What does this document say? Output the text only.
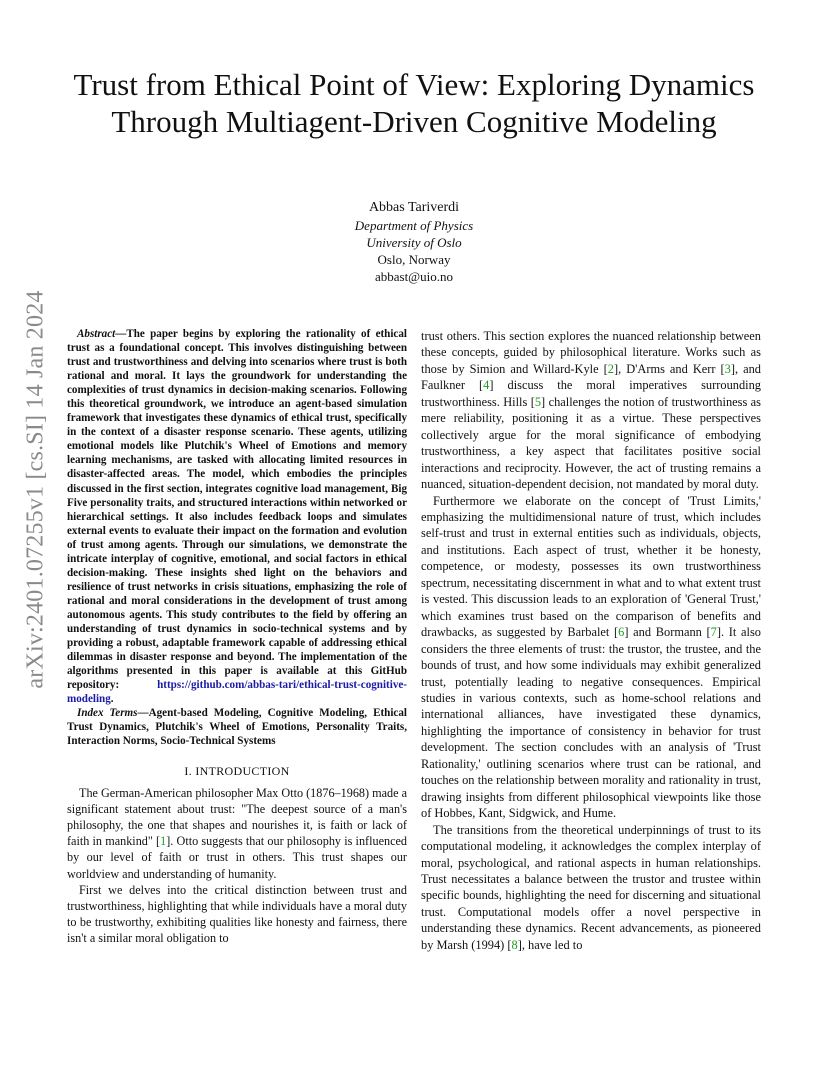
arXiv:2401.07255v1 [cs.SI] 14 Jan 2024
Trust from Ethical Point of View: Exploring Dynamics Through Multiagent-Driven Cognitive Modeling
Abbas Tariverdi
Department of Physics
University of Oslo
Oslo, Norway
abbast@uio.no

Abstract—The paper begins by exploring the rationality of ethical trust as a foundational concept. This involves distinguishing between trust and trustworthiness and delving into scenarios where trust is both rational and moral. It lays the groundwork for understanding the complexities of trust dynamics in decision-making scenarios. Following this theoretical groundwork, we introduce an agent-based simulation framework that investigates these dynamics of ethical trust, specifically in the context of a disaster response scenario. These agents, utilizing emotional models like Plutchik's Wheel of Emotions and memory learning mechanisms, are tasked with allocating limited resources in disaster-affected areas. The model, which embodies the principles discussed in the first section, integrates cognitive load management, Big Five personality traits, and structured interactions within networked or hierarchical settings. It also includes feedback loops and simulates external events to evaluate their impact on the formation and evolution of trust among agents. Through our simulations, we demonstrate the intricate interplay of cognitive, emotional, and social factors in ethical decision-making. These insights shed light on the behaviors and resilience of trust networks in crisis situations, emphasizing the role of rational and moral considerations in the development of trust among autonomous agents. This study contributes to the field by offering an understanding of trust dynamics in socio-technical systems and by providing a robust, adaptable framework capable of addressing ethical dilemmas in disaster response and beyond. The implementation of the algorithms presented in this paper is available at this GitHub repository: https://github.com/abbas-tari/ethical-trust-cognitive-modeling.

Index Terms—Agent-based Modeling, Cognitive Modeling, Ethical Trust Dynamics, Plutchik's Wheel of Emotions, Personality Traits, Interaction Norms, Socio-Technical Systems

I. INTRODUCTION

The German-American philosopher Max Otto (1876–1968) made a significant statement about trust: "The deepest source of a man's philosophy, the one that shapes and nourishes it, is faith or lack of faith in mankind" [1]. Otto suggests that our philosophy is influenced by our level of faith or trust in others. This trust shapes our worldview and understanding of humanity.

First we delves into the critical distinction between trust and trustworthiness, highlighting that while individuals have a moral duty to be trustworthy, exhibiting qualities like honesty and fairness, there isn't a similar moral obligation to

trust others. This section explores the nuanced relationship between these concepts, guided by philosophical literature. Works such as those by Simion and Willard-Kyle [2], D'Arms and Kerr [3], and Faulkner [4] discuss the moral imperatives surrounding trustworthiness. Hills [5] challenges the notion of trustworthiness as mere reliability, positioning it as a virtue. These perspectives collectively argue for the moral significance of embodying trustworthiness, a key aspect that facilitates positive social interactions and reciprocity. However, the act of trusting remains a nuanced, situation-dependent decision, not mandated by moral duty.

Furthermore we elaborate on the concept of 'Trust Limits,' emphasizing the multidimensional nature of trust, which includes self-trust and trust in external entities such as individuals, objects, and institutions. Each aspect of trust, whether it be honesty, competence, or modesty, possesses its own trustworthiness spectrum, necessitating discernment in what and to what extent trust is vested. This discussion leads to an exploration of 'General Trust,' which examines trust based on the comparison of benefits and drawbacks, as suggested by Barbalet [6] and Bormann [7]. It also considers the three elements of trust: the trustor, the trustee, and the bounds of trust, and how some individuals may exhibit generalized trust, potentially leading to negative consequences. Empirical studies in various contexts, such as home-school relations and international alliances, have investigated these dynamics, highlighting the importance of consistency in behavior for trust development. The section concludes with an analysis of 'Trust Rationality,' outlining scenarios where trust can be rational, and touches on the relationship between morality and rationality in trust, drawing insights from different philosophical viewpoints like those of Hobbes, Kant, Sidgwick, and Hume.

The transitions from the theoretical underpinnings of trust to its computational modeling, it acknowledges the complex interplay of moral, psychological, and rational aspects in human relationships. Trust necessitates a balance between the trustor and trustee within specific bounds, highlighting the need for discerning and situational trust. Computational models offer a novel perspective in understanding these dynamics. Recent advancements, as pioneered by Marsh (1994) [8], have led to
